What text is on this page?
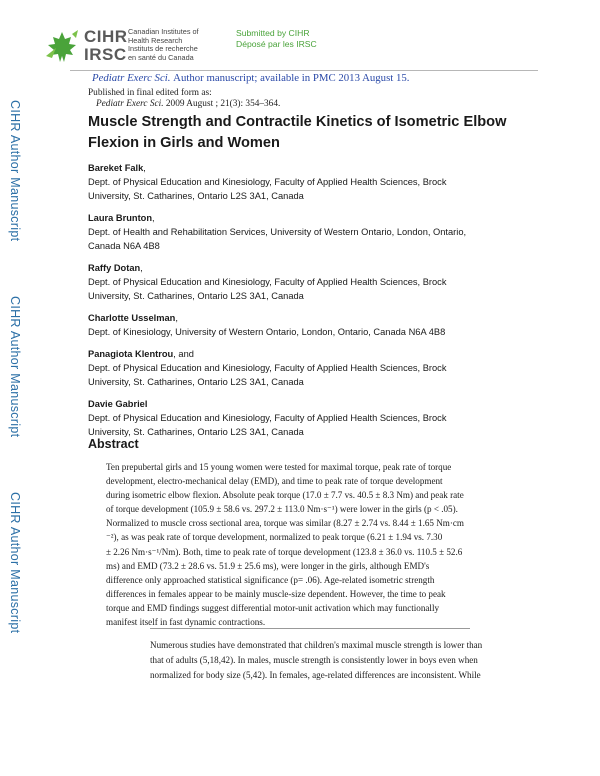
CIHR
IRSC
Canadian Institutes of
Health Research
Instituts de recherche
en santé du Canada
Submitted by CIHR
Déposé par les IRSC
Pediatr Exerc Sci. Author manuscript; available in PMC 2013 August 15.
Published in final edited form as:
Pediatr Exerc Sci. 2009 August ; 21(3): 354–364.
CIHR Author Manuscript
CIHR Author Manuscript
CIHR Author Manuscript
Muscle Strength and Contractile Kinetics of Isometric Elbow
Flexion in Girls and Women
Bareket Falk,
Dept. of Physical Education and Kinesiology, Faculty of Applied Health Sciences, Brock
University, St. Catharines, Ontario L2S 3A1, Canada
Laura Brunton,
Dept. of Health and Rehabilitation Services, University of Western Ontario, London, Ontario,
Canada N6A 4B8
Raffy Dotan,
Dept. of Physical Education and Kinesiology, Faculty of Applied Health Sciences, Brock
University, St. Catharines, Ontario L2S 3A1, Canada
Charlotte Usselman,
Dept. of Kinesiology, University of Western Ontario, London, Ontario, Canada N6A 4B8
Panagiota Klentrou, and
Dept. of Physical Education and Kinesiology, Faculty of Applied Health Sciences, Brock
University, St. Catharines, Ontario L2S 3A1, Canada
Davie Gabriel
Dept. of Physical Education and Kinesiology, Faculty of Applied Health Sciences, Brock
University, St. Catharines, Ontario L2S 3A1, Canada
Abstract
Ten prepubertal girls and 15 young women were tested for maximal torque, peak rate of torque
development, electro-mechanical delay (EMD), and time to peak rate of torque development
during isometric elbow flexion. Absolute peak torque (17.0 ± 7.7 vs. 40.5 ± 8.3 Nm) and peak rate
of torque development (105.9 ± 58.6 vs. 297.2 ± 113.0 Nm·s⁻¹) were lower in the girls (p < .05).
Normalized to muscle cross sectional area, torque was similar (8.27 ± 2.74 vs. 8.44 ± 1.65 Nm·cm
⁻²), as was peak rate of torque development, normalized to peak torque (6.21 ± 1.94 vs. 7.30
± 2.26 Nm·s⁻¹/Nm). Both, time to peak rate of torque development (123.8 ± 36.0 vs. 110.5 ± 52.6
ms) and EMD (73.2 ± 28.6 vs. 51.9 ± 25.6 ms), were longer in the girls, although EMD's
difference only approached statistical significance (p= .06). Age-related isometric strength
differences in females appear to be mainly muscle-size dependent. However, the time to peak
torque and EMD findings suggest differential motor-unit activation which may functionally
manifest itself in fast dynamic contractions.
Numerous studies have demonstrated that children's maximal muscle strength is lower than
that of adults (5,18,42). In males, muscle strength is consistently lower in boys even when
normalized for body size (5,42). In females, age-related differences are inconsistent. While
